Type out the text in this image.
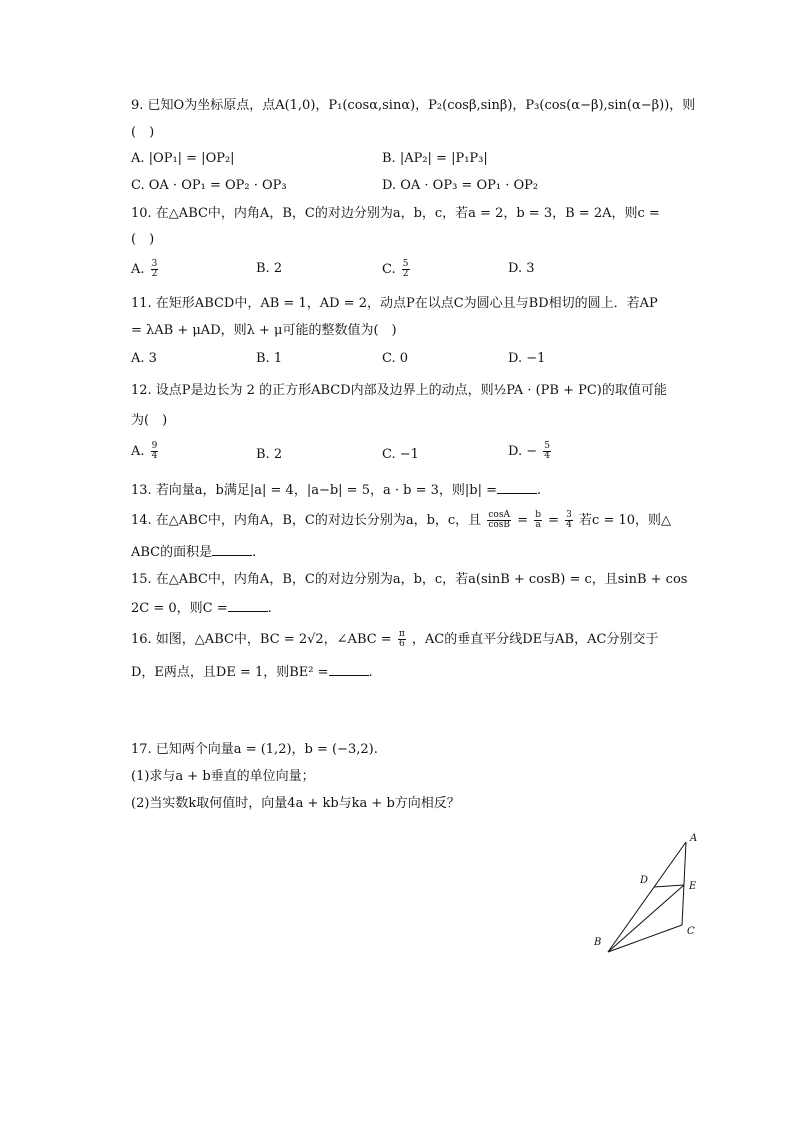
9. 已知O为坐标原点，点A(1,0)，P₁(cosα,sinα)，P₂(cosβ,sinβ)，P₃(cos(α−β),sin(α−β))，则
(　)
A. |OP₁| = |OP₂|	B. |AP₂| = |P₁P₃|
C. OA · OP₁ = OP₂ · OP₃	D. OA · OP₃ = OP₁ · OP₂
10. 在△ABC中，内角A，B，C的对边分别为a，b，c，若a = 2，b = 3，B = 2A，则c =
(　)
A. $\frac{3}{2}$	B. 2	C. $\frac{5}{2}$	D. 3
11. 在矩形ABCD中，AB = 1，AD = 2，动点P在以点C为圆心且与BD相切的圆上．若AP
= λAB + μAD，则λ + μ可能的整数值为(　)
A. 3	B. 1	C. 0	D. −1
12. 设点P是边长为 2 的正方形ABCD内部及边界上的动点，则½PA · (PB + PC)的取值可能
为(　)
A. $\frac{9}{4}$	B. 2	C. −1	D. − $\frac{5}{4}$
13. 若向量a，b满足|a| = 4，|a−b| = 5，a · b = 3，则|b| =	.
14. 在△ABC中，内角A，B，C的对边长分别为a，b，c，且 $\frac{\cos A}{\cos B} = \frac{b}{a} = \frac{3}{4}$ 若c = 10，则△
ABC的面积是	.
15. 在△ABC中，内角A，B，C的对边分别为a，b，c，若a(sinB + cosB) = c，且sinB + cos
2C = 0，则C =	.
16. 如图，△ABC中，BC = 2√2，∠ABC = $\frac{\pi}{6}$ ，AC的垂直平分线DE与AB，AC分别交于
D，E两点，且DE = 1，则BE² =	.
17. 已知两个向量a = (1,2)，b = (−3,2).
(1)求与a + b垂直的单位向量；
(2)当实数k取何值时，向量4a + kb与ka + b方向相反？
A
D
E
B
C
